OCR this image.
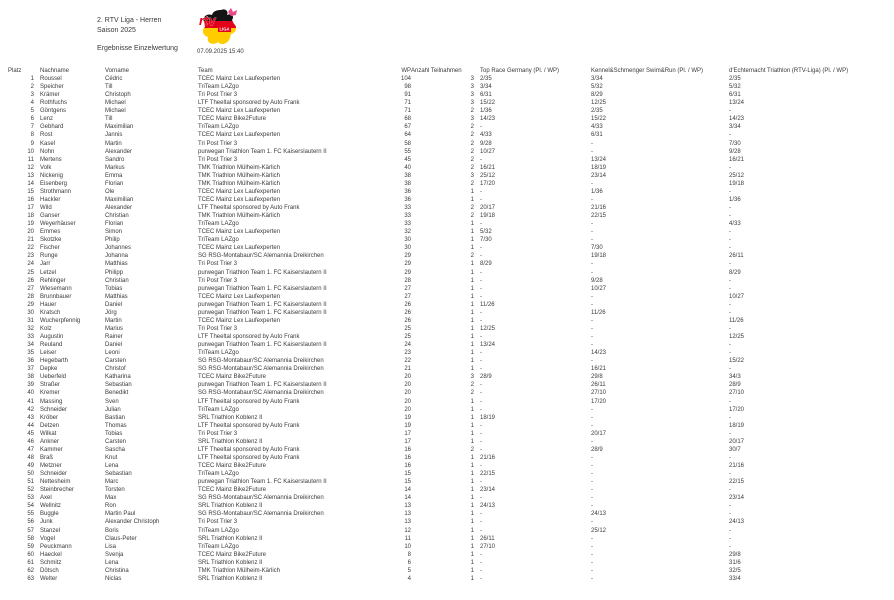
2. RTV Liga - Herren
Saison 2025
Ergebnisse Einzelwertung
rtv
LIGA
07.09.2025 15:40
Platz	Nachname	Vorname	Team	WP Anzahl Teilnahmen	Top Race Germany (Pl. / WP)	Kennel&Schmenger Swim&Run (Pl. / WP)	d'Echternacht Triathlon (RTV-Liga) (Pl. / WP)
1	Roussel	Cédric	TCEC Mainz Lex Laufexperten	104	3	2/35	3/34	2/35
2	Speicher	Till	TriTeam LAZgo	98	3	3/34	5/32	5/32
3	Krämer	Christoph	Tri Post Trier 3	91	3	6/31	8/29	6/31
4	Rothfuchs	Michael	LTF Theeltal sponsored by Auto Frank	71	3	15/22	12/25	13/24
5	Göntgens	Michael	TCEC Mainz Lex Laufexperten	71	2	1/36	2/35	-
6	Lenz	Till	TCEC Mainz Bike2Future	68	3	14/23	15/22	14/23
7	Gebhard	Maximilian	TriTeam LAZgo	67	2	-	4/33	3/34
8	Rost	Jannis	TCEC Mainz Lex Laufexperten	64	2	4/33	6/31	-
9	Kasel	Martin	Tri Post Trier 3	58	2	9/28	-	7/30
10	Nohn	Alexander	purwegan Triathlon Team 1. FC Kaiserslautern II	55	2	10/27	-	9/28
11	Mertens	Sandro	Tri Post Trier 3	45	2	-	13/24	16/21
12	Volk	Markus	TMK Triathlon Mülheim-Kärlich	40	2	16/21	18/19	-
13	Nickenig	Emma	TMK Triathlon Mülheim-Kärlich	38	3	25/12	23/14	25/12
14	Eisenberg	Florian	TMK Triathlon Mülheim-Kärlich	38	2	17/20	-	19/18
15	Strothmann	Ole	TCEC Mainz Lex Laufexperten	36	1	-	1/36	-
16	Hackler	Maximilian	TCEC Mainz Lex Laufexperten	36	1	-	-	1/36
17	Wild	Alexander	LTF Theeltal sponsored by Auto Frank	33	2	20/17	21/16	-
18	Ganser	Christian	TMK Triathlon Mülheim-Kärlich	33	2	19/18	22/15	-
19	Weyerhäuser	Florian	TriTeam LAZgo	33	1	-	-	4/33
20	Emmes	Simon	TCEC Mainz Lex Laufexperten	32	1	5/32	-	-
21	Skotzke	Philip	TriTeam LAZgo	30	1	7/30	-	-
22	Fischer	Johannes	TCEC Mainz Lex Laufexperten	30	1	-	7/30	-
23	Runge	Johanna	SG RSG-Montabaur/SC Alemannia Dreikirchen	29	2	-	19/18	26/11
24	Jarr	Matthias	Tri Post Trier 3	29	1	8/29	-	-
25	Letzel	Philipp	purwegan Triathlon Team 1. FC Kaiserslautern II	29	1	-	-	8/29
26	Rehlinger	Christian	Tri Post Trier 3	28	1	-	9/28	-
27	Wiesemann	Tobias	purwegan Triathlon Team 1. FC Kaiserslautern II	27	1	-	10/27	-
28	Brunnbauer	Matthias	TCEC Mainz Lex Laufexperten	27	1	-	-	10/27
29	Hauer	Daniel	purwegan Triathlon Team 1. FC Kaiserslautern II	26	1	11/26	-	-
30	Kratsch	Jörg	purwegan Triathlon Team 1. FC Kaiserslautern II	26	1	-	11/26	-
31	Wucherpfennig	Martin	TCEC Mainz Lex Laufexperten	26	1	-	-	11/26
32	Kolz	Marius	Tri Post Trier 3	25	1	12/25	-	-
33	Augustin	Rainer	LTF Theeltal sponsored by Auto Frank	25	1	-	-	12/25
34	Reuland	Daniel	purwegan Triathlon Team 1. FC Kaiserslautern II	24	1	13/24	-	-
35	Leiser	Leoni	TriTeam LAZgo	23	1	-	14/23	-
36	Hegebarth	Carsten	SG RSG-Montabaur/SC Alemannia Dreikirchen	22	1	-	-	15/22
37	Depke	Christof	SG RSG-Montabaur/SC Alemannia Dreikirchen	21	1	-	16/21	-
38	Ueberfeld	Katharina	TCEC Mainz Bike2Future	20	3	28/9	29/8	34/3
39	Straßer	Sebastian	purwegan Triathlon Team 1. FC Kaiserslautern II	20	2	-	26/11	28/9
40	Kremer	Benedikt	SG RSG-Montabaur/SC Alemannia Dreikirchen	20	2	-	27/10	27/10
41	Massing	Sven	LTF Theeltal sponsored by Auto Frank	20	1	-	17/20	-
42	Schneider	Julian	TriTeam LAZgo	20	1	-	-	17/20
43	Kröber	Bastian	SRL Triathlon Koblenz II	19	1	18/19	-	-
44	Detzen	Thomas	LTF Theeltal sponsored by Auto Frank	19	1	-	-	18/19
45	Wilkat	Tobias	Tri Post Trier 3	17	1	-	20/17	-
46	Ankner	Carsten	SRL Triathlon Koblenz II	17	1	-	-	20/17
47	Kammer	Sascha	LTF Theeltal sponsored by Auto Frank	16	2	-	28/9	30/7
48	Braß	Knut	LTF Theeltal sponsored by Auto Frank	16	1	21/16	-	-
49	Metzner	Lena	TCEC Mainz Bike2Future	16	1	-	-	21/16
50	Schneider	Sebastian	TriTeam LAZgo	15	1	22/15	-	-
51	Nettesheim	Marc	purwegan Triathlon Team 1. FC Kaiserslautern II	15	1	-	-	22/15
52	Steinbrecher	Torsten	TCEC Mainz Bike2Future	14	1	23/14	-	-
53	Axel	Max	SG RSG-Montabaur/SC Alemannia Dreikirchen	14	1	-	-	23/14
54	Wellnitz	Ron	SRL Triathlon Koblenz II	13	1	24/13	-	-
55	Buggle	Martin Paul	SG RSG-Montabaur/SC Alemannia Dreikirchen	13	1	-	24/13	-
56	Junk	Alexander Christoph	Tri Post Trier 3	13	1	-	-	24/13
57	Stanzel	Boris	TriTeam LAZgo	12	1	-	25/12	-
58	Vogel	Claus-Peter	SRL Triathlon Koblenz II	11	1	26/11	-	-
59	Peuckmann	Lisa	TriTeam LAZgo	10	1	27/10	-	-
60	Haeckel	Svenja	TCEC Mainz Bike2Future	8	1	-	-	29/8
61	Schmitz	Lena	SRL Triathlon Koblenz II	6	1	-	-	31/6
62	Dötsch	Christina	TMK Triathlon Mülheim-Kärlich	5	1	-	-	32/5
63	Welter	Niclas	SRL Triathlon Koblenz II	4	1	-	-	33/4
